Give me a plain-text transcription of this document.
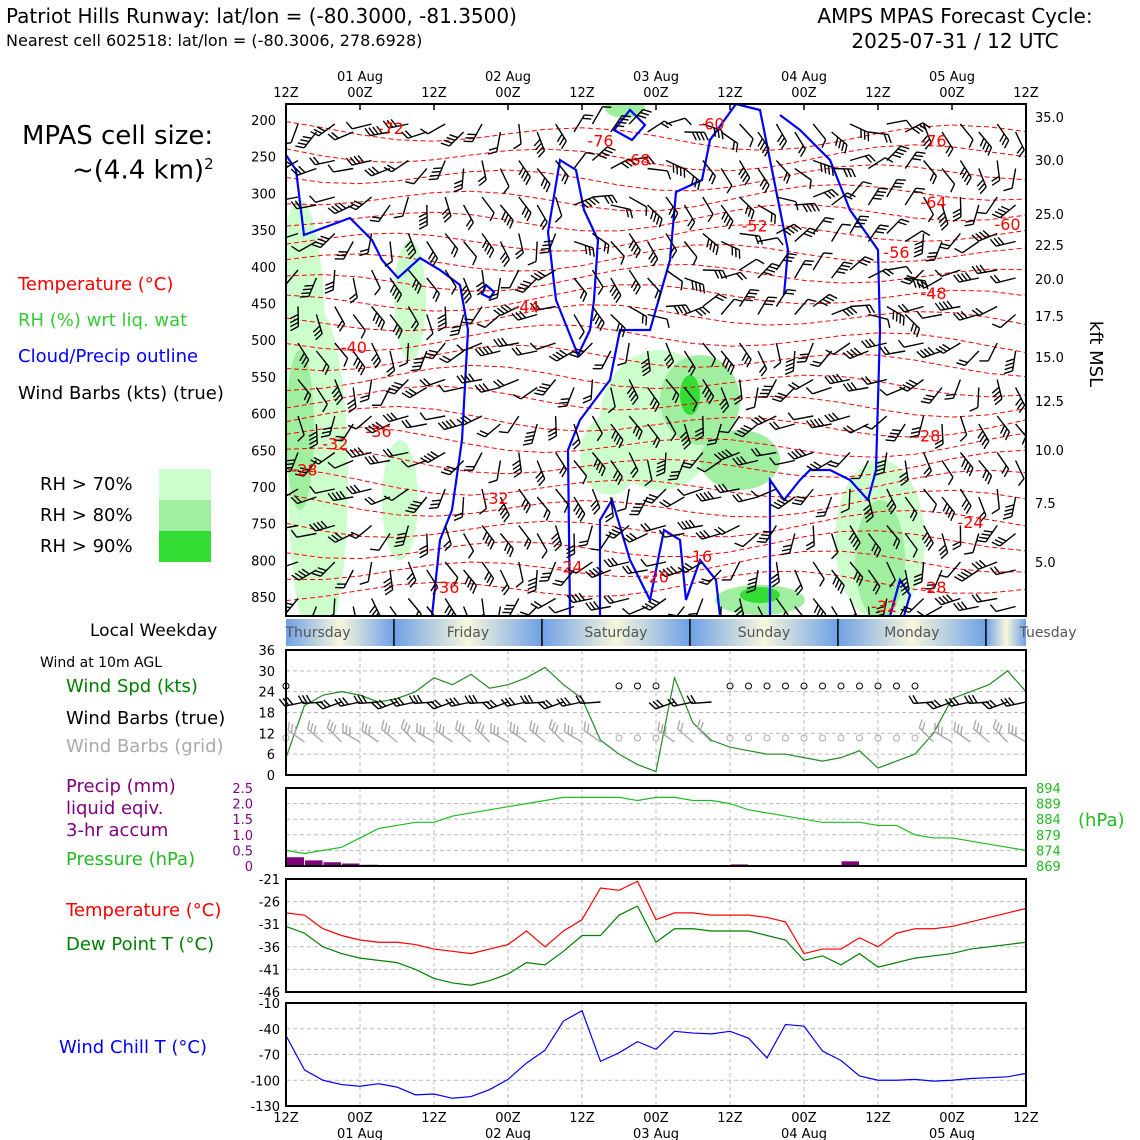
Patriot Hills Runway: lat/lon = (-80.3000, -81.3500)
Nearest cell 602518: lat/lon = (-80.3006, 278.6928)
AMPS MPAS Forecast Cycle:
2025-07-31 / 12 UTC
MPAS cell size:
~(4.4 km)$^2$
Temperature (°C)
RH (%) wrt liq. wat
Cloud/Precip outline
Wind Barbs (kts) (true)
RH > 70%
RH > 80%
RH > 90%
Local Weekday
Wind at 10m AGL
Wind Spd (kts)
Wind Barbs (true)
Wind Barbs (grid)
Precip (mm)
liquid eqiv.
3-hr accum
Pressure (hPa)
Temperature (°C)
Dew Point T (°C)
Wind Chill T (°C)
-72
-76
-68
-60
-76
-64
-60
-52
-56
-48
-44
-40
-36
-32
-28
-28
-32
-24
-24
-16
-20
-36	-28
-32
12Z	00Z	12Z	00Z	12Z	00Z	12Z	00Z	12Z	00Z	12Z
01 Aug	02 Aug	03 Aug	04 Aug	05 Aug
200
250
300
350
400
450
500
550
600
650
700
750
800
850
35.0
30.0
25.0
22.5
20.0
17.5
15.0
12.5
10.0
7.5
5.0
kft MSL
Thursday	Friday	Saturday	Sunday	Monday	Tuesday
0
6
12
18
24
30
36
0
0.5
1.0
1.5
2.0
2.5
869
874
879
884
889
894
(hPa)
-46
-41
-36
-31
-26
-21
-130
-100
-70
-40
-10
12Z	00Z	12Z	00Z	12Z	00Z	12Z	00Z	12Z	00Z	12Z
01 Aug	02 Aug	03 Aug	04 Aug	05 Aug
